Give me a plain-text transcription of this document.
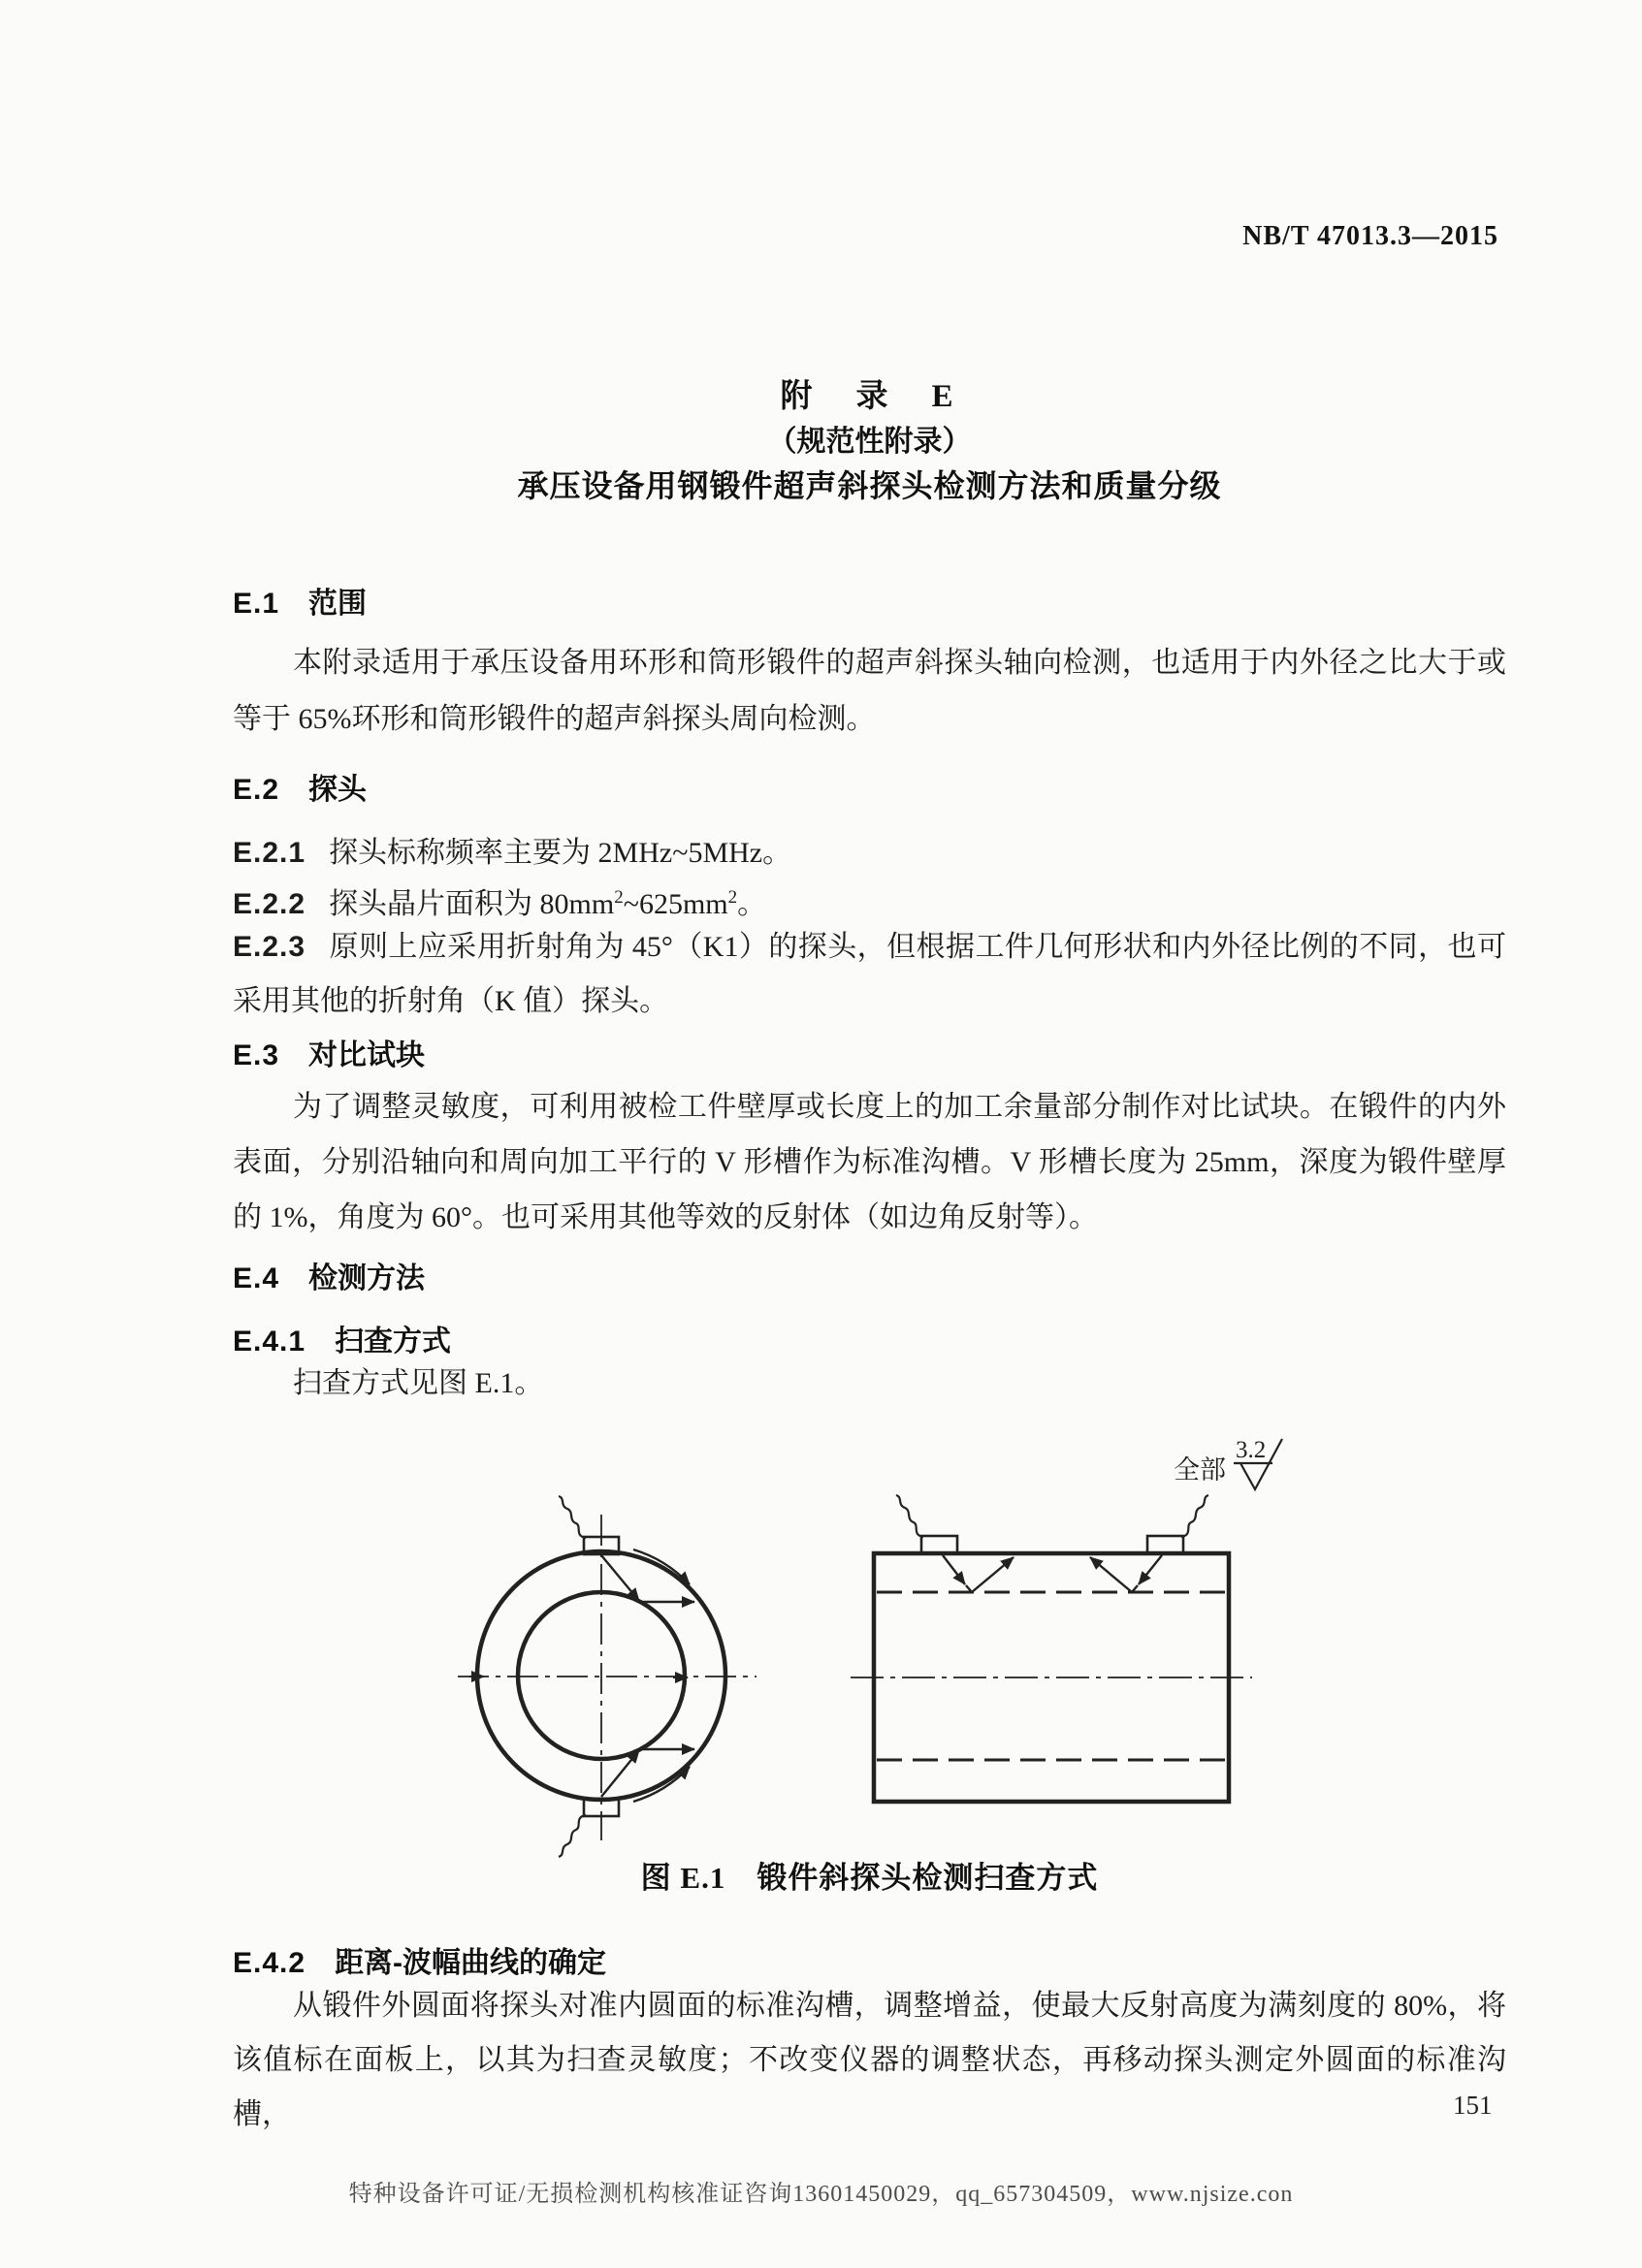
NB/T 47013.3—2015
附　录　E
（规范性附录）
承压设备用钢锻件超声斜探头检测方法和质量分级
E.1 范围
本附录适用于承压设备用环形和筒形锻件的超声斜探头轴向检测，也适用于内外径之比大于或等于 65%环形和筒形锻件的超声斜探头周向检测。
E.2 探头
E.2.1 探头标称频率主要为 2MHz~5MHz。
E.2.2 探头晶片面积为 $80mm^2\sim 625mm^2$。
E.2.3 原则上应采用折射角为 45°（K1）的探头，但根据工件几何形状和内外径比例的不同，也可采用其他的折射角（K 值）探头。
E.3 对比试块
为了调整灵敏度，可利用被检工件壁厚或长度上的加工余量部分制作对比试块。在锻件的内外表面，分别沿轴向和周向加工平行的 V 形槽作为标准沟槽。V 形槽长度为 25mm，深度为锻件壁厚的 1%，角度为 60°。也可采用其他等效的反射体（如边角反射等）。
E.4 检测方法
E.4.1 扫查方式
扫查方式见图 E.1。
全部
3.2
图 E.1　锻件斜探头检测扫查方式
E.4.2 距离-波幅曲线的确定
从锻件外圆面将探头对准内圆面的标准沟槽，调整增益，使最大反射高度为满刻度的 80%，将该值标在面板上，以其为扫查灵敏度；不改变仪器的调整状态，再移动探头测定外圆面的标准沟槽，	151
特种设备许可证/无损检测机构核准证咨询13601450029，qq_657304509，www.njsize.con
